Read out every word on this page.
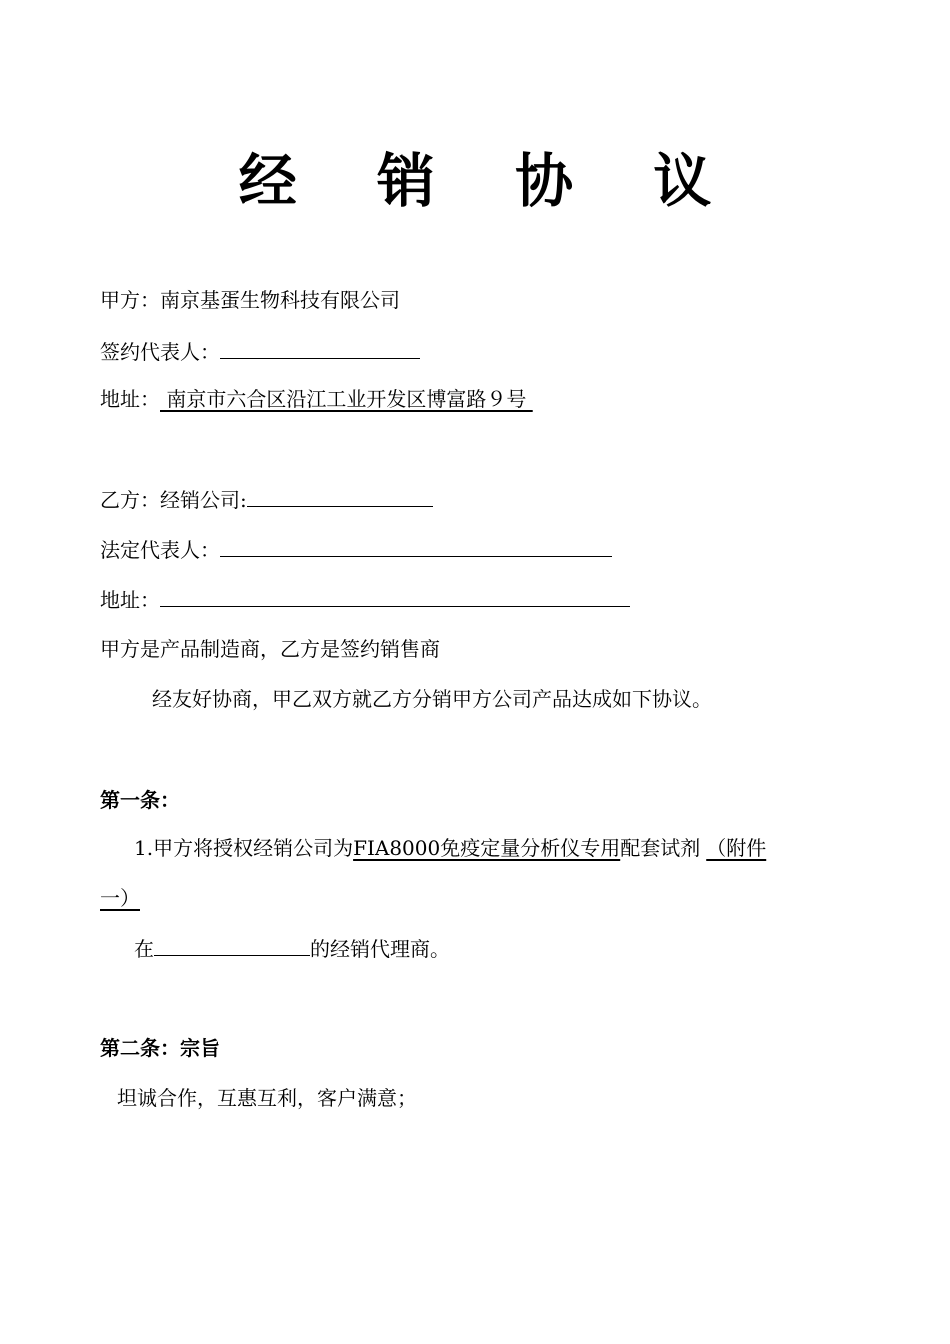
经 销 协 议
甲方：南京基蛋生物科技有限公司
签约代表人：
地址： 南京市六合区沿江工业开发区博富路９号
乙方：经销公司:
法定代表人：
地址：
甲方是产品制造商，乙方是签约销售商
经友好协商，甲乙双方就乙方分销甲方公司产品达成如下协议。
第一条：
1.甲方将授权经销公司为FIA8000免疫定量分析仪专用配套试剂 （附件
一）
在	的经销代理商。
第二条：宗旨
坦诚合作，互惠互利，客户满意；
